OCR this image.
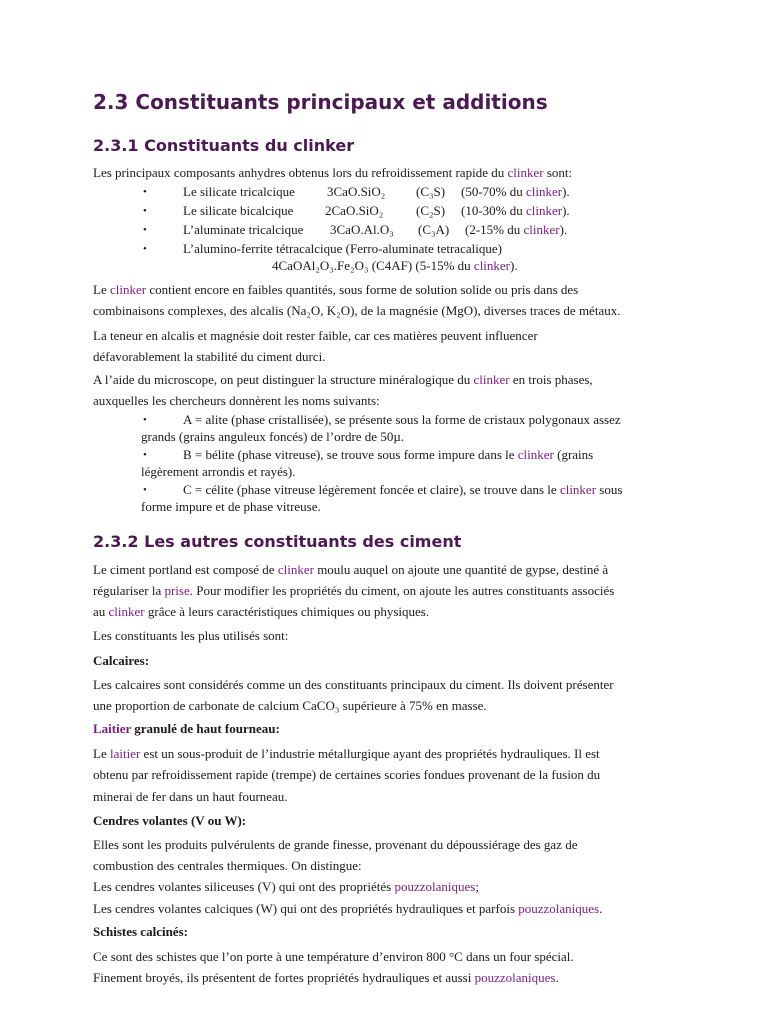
2.3 Constituants principaux et additions
2.3.1 Constituants du clinker
Les principaux composants anhydres obtenus lors du refroidissement rapide du clinker sont:
•	Le silicate tricalcique 3CaO.SiO₂ (C₃S) (50-70% du clinker).
•	Le silicate bicalcique 2CaO.SiO₂	(C₂S) (10-30% du clinker).
•	L’aluminate tricalcique 3CaO.Al.O₃ (C₃A) (2-15% du clinker).
•	L’alumino-ferrite tétracalcique (Ferro-aluminate tetracalique)
4CaOAl₂O₃.Fe₂O₃ (C4AF) (5-15% du clinker).
Le clinker contient encore en faibles quantités, sous forme de solution solide ou pris dans des
combinaisons complexes, des alcalis (Na₂O, K₂O), de la magnésie (MgO), diverses traces de métaux.
La teneur en alcalis et magnésie doit rester faible, car ces matières peuvent influencer
défavorablement la stabilité du ciment durci.
A l’aide du microscope, on peut distinguer la structure minéralogique du clinker en trois phases,
auxquelles les chercheurs donnèrent les noms suivants:
•	A = alite (phase cristallisée), se présente sous la forme de cristaux polygonaux assez
grands (grains anguleux foncés) de l’ordre de 50µ.
•	B = bélite (phase vitreuse), se trouve sous forme impure dans le clinker (grains
légèrement arrondis et rayés).
•	C = célite (phase vitreuse légèrement foncée et claire), se trouve dans le clinker sous
forme impure et de phase vitreuse.
2.3.2 Les autres constituants des ciment
Le ciment portland est composé de clinker moulu auquel on ajoute une quantité de gypse, destiné à
régulariser la prise. Pour modifier les propriétés du ciment, on ajoute les autres constituants associés
au clinker grâce à leurs caractéristiques chimiques ou physiques.
Les constituants les plus utilisés sont:
Calcaires:
Les calcaires sont considérés comme un des constituants principaux du ciment. Ils doivent présenter
une proportion de carbonate de calcium CaCO₃ supérieure à 75% en masse.
Laitier granulé de haut fourneau:
Le laitier est un sous-produit de l’industrie métallurgique ayant des propriétés hydrauliques. Il est
obtenu par refroidissement rapide (trempe) de certaines scories fondues provenant de la fusion du
minerai de fer dans un haut fourneau.
Cendres volantes (V ou W):
Elles sont les produits pulvérulents de grande finesse, provenant du dépoussiérage des gaz de
combustion des centrales thermiques. On distingue:
Les cendres volantes siliceuses (V) qui ont des propriétés pouzzolaniques;
Les cendres volantes calciques (W) qui ont des propriétés hydrauliques et parfois pouzzolaniques.
Schistes calcinés:
Ce sont des schistes que l’on porte à une température d’environ 800 °C dans un four spécial.
Finement broyés, ils présentent de fortes propriétés hydrauliques et aussi pouzzolaniques.
